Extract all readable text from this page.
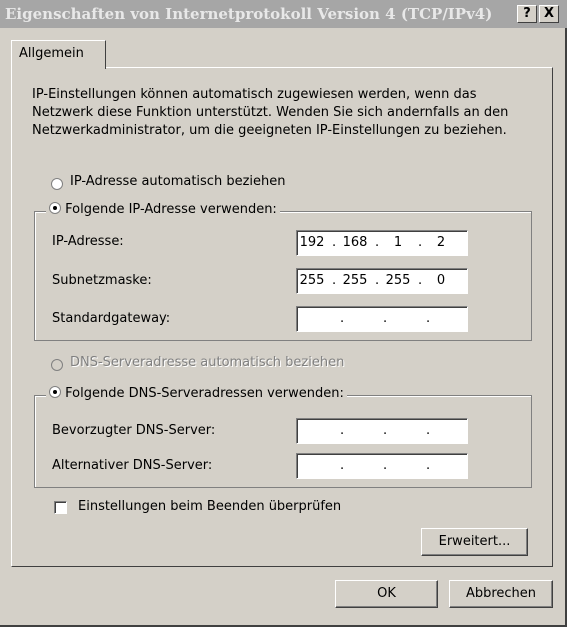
Eigenschaften von Internetprotokoll Version 4 (TCP/IPv4)	?	X
Allgemein
IP-Einstellungen können automatisch zugewiesen werden, wenn das Netzwerk diese Funktion unterstützt. Wenden Sie sich andernfalls an den Netzwerkadministrator, um die geeigneten IP-Einstellungen zu beziehen.
IP-Adresse automatisch beziehen
Folgende IP-Adresse verwenden:
IP-Adresse:	192 . 168 .	1	.	2
Subnetzmaske:	255 . 255 . 255 .	0
Standardgateway:	.	.	.
DNS-Serveradresse automatisch beziehen
Folgende DNS-Serveradressen verwenden:
Bevorzugter DNS-Server:	.	.	.
Alternativer DNS-Server:	.	.	.
Einstellungen beim Beenden überprüfen
Erweitert...
OK	Abbrechen
